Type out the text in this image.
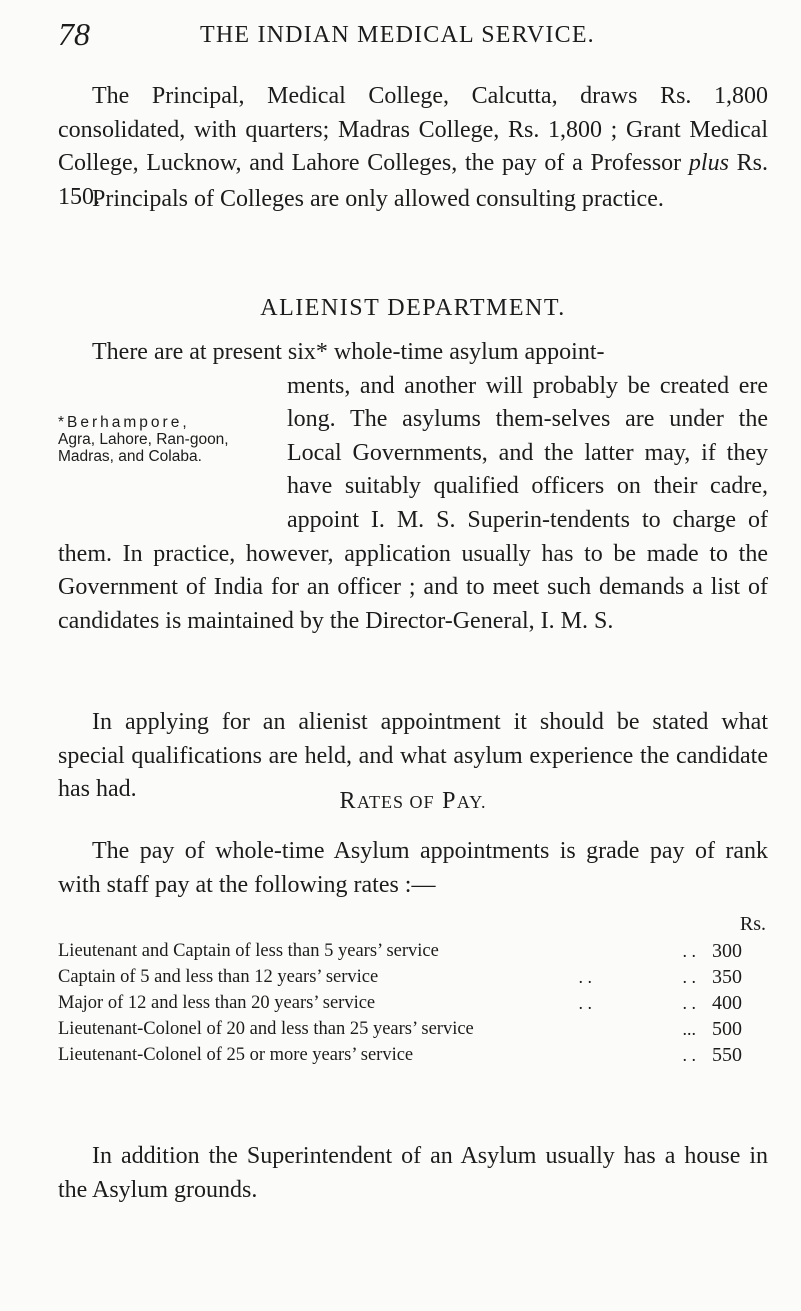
78	THE INDIAN MEDICAL SERVICE.

The Principal, Medical College, Calcutta, draws Rs. 1,800 consolidated, with quarters; Madras College, Rs. 1,800 ; Grant Medical College, Lucknow, and Lahore Colleges, the pay of a Professor plus Rs. 150.

Principals of Colleges are only allowed consulting practice.

ALIENIST DEPARTMENT.

There are at present six* whole-time asylum appoint-

*Berhampore,
Agra, Lahore, Ran-goon, Madras, and Colaba.

ments, and another will probably be created ere long. The asylums them-selves are under the Local Governments, and the latter may, if they have suitably qualified officers on their cadre, appoint I. M. S. Superin-tendents to charge of them. In practice, however, application usually has to be made to the Government of India for an officer ; and to meet such demands a list of candidates is maintained by the Director-General, I. M. S.

In applying for an alienist appointment it should be stated what special qualifications are held, and what asylum experience the candidate has had.	RATES OF PAY.

The pay of whole-time Asylum appointments is grade pay of rank with staff pay at the following rates :—

Rs.
Lieutenant and Captain of less than 5 years’ service	. . 300
Captain of 5 and less than 12 years’ service	. .	. . 350
Major of 12 and less than 20 years’ service	. .	. . 400
Lieutenant-Colonel of 20 and less than 25 years’ service	... 500
Lieutenant-Colonel of 25 or more years’ service	. . 550

In addition the Superintendent of an Asylum usually has a house in the Asylum grounds.
